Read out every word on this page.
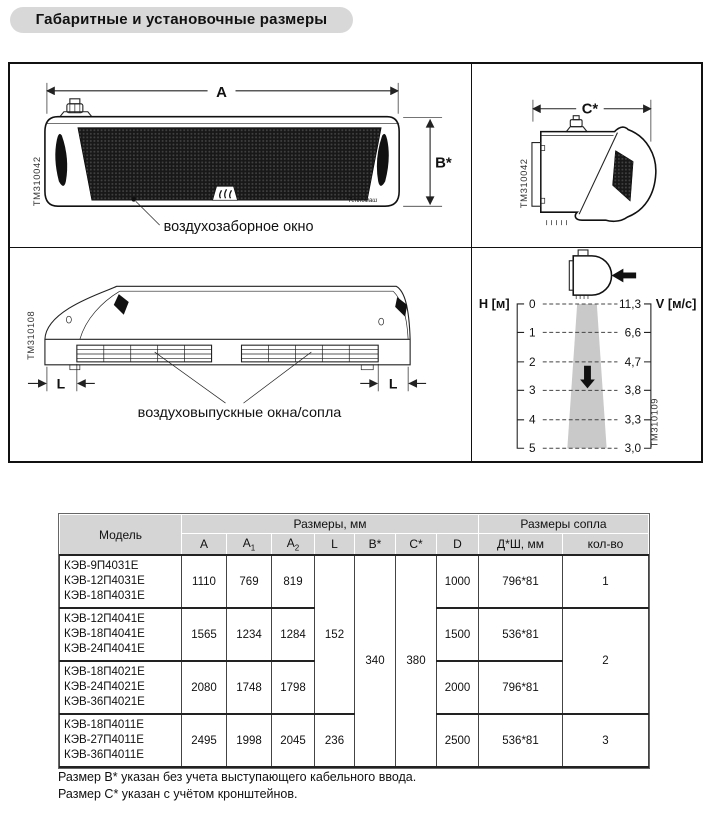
Габаритные и установочные размеры
A
Тепломаш
B*
воздухозаборное окно
TM310042
C*
TM310042
L	L
воздуховыпускные окна/сопла
TM310108
H [м] 0
1
2
3
4
5
V [м/с]
11,3
6,6
4,7
3,8
3,3
3,0
TM310109
Модель	Размеры, мм							Размеры сопла	
	A	$A_1$	$A_2$	L	B*	C*	D	Д*Ш, мм	кол-во

КЭВ-9П4031Е
КЭВ-12П4031Е
КЭВ-18П4031Е	1110	769	819	152	340	380	1000	796*81	1

КЭВ-12П4041Е
КЭВ-18П4041Е
КЭВ-24П4041Е	1565	1234	1284				1500	536*81	2

КЭВ-18П4021Е
КЭВ-24П4021Е
КЭВ-36П4021Е	2080	1748	1798				2000	796*81	

КЭВ-18П4011Е
КЭВ-27П4011Е
КЭВ-36П4011Е	2495	1998	2045	236			2500	536*81	3
Размер B* указан без учета выступающего кабельного ввода.
Размер C* указан с учётом кронштейнов.
